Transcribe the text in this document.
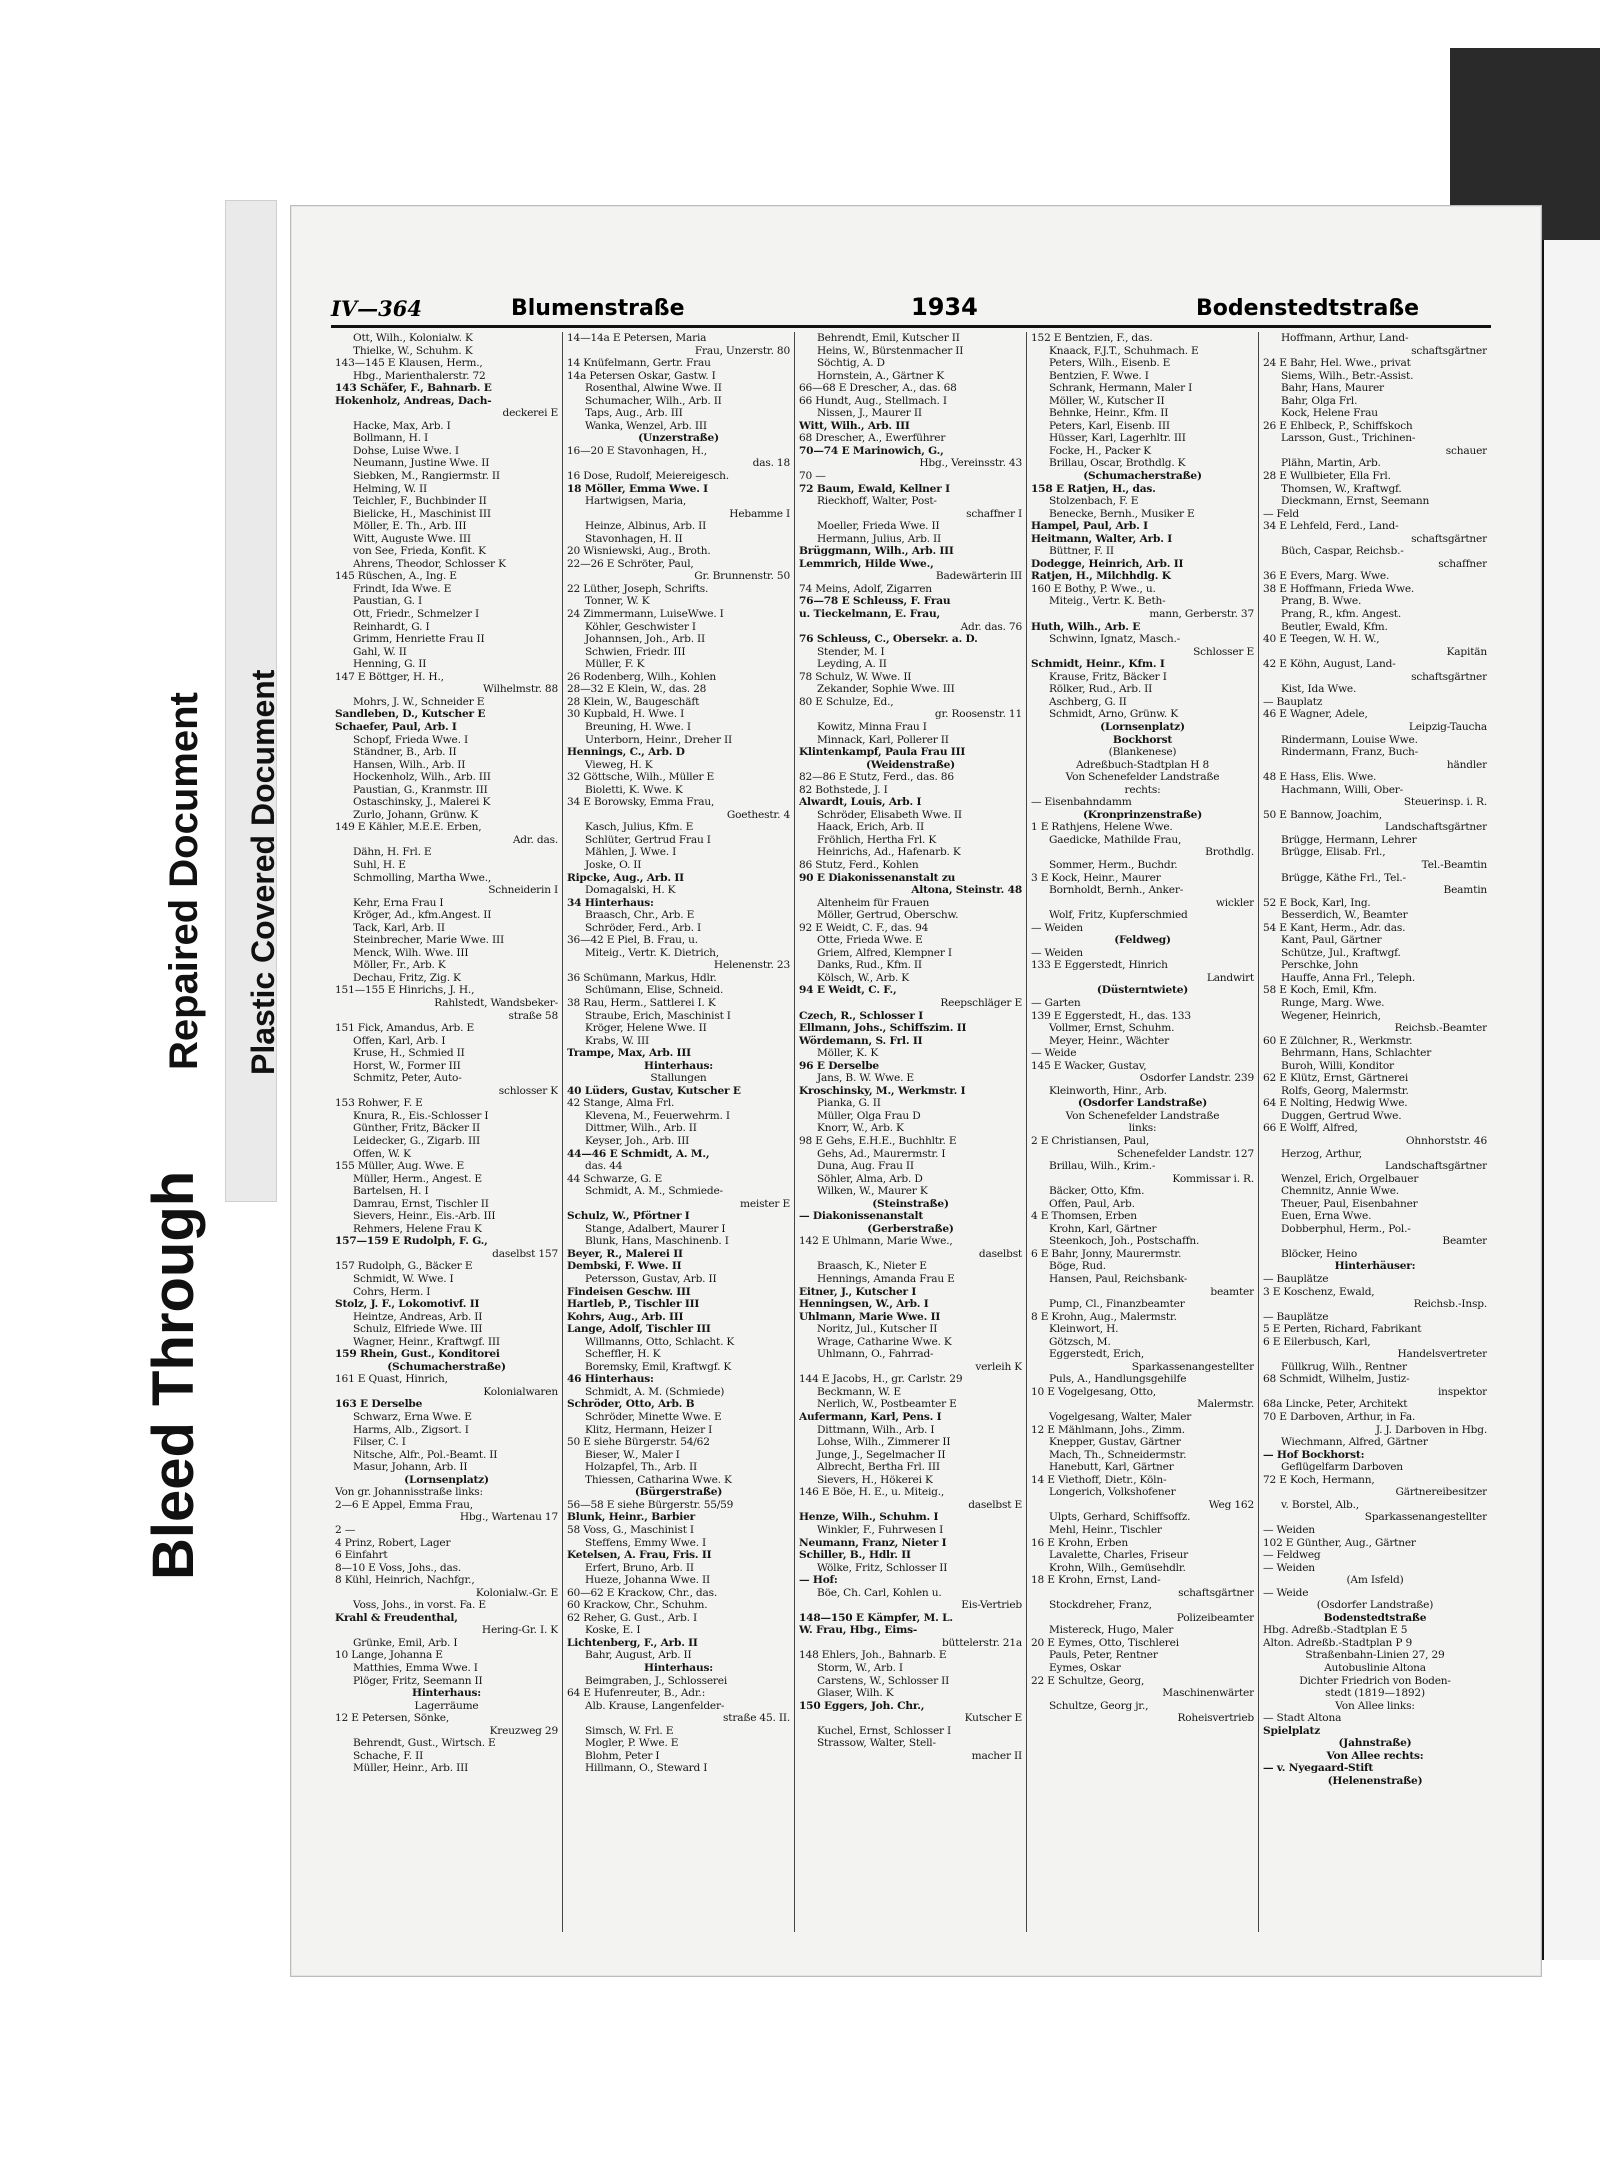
Bleed Through
Repaired Document Plastic Covered Document
IV—364	Blumenstraße	1934	Bodenstedtstraße
Ott, Wilh., Kolonialw. K
Thielke, W., Schuhm. K
143—145 E Klausen, Herm.,
Hbg., Marienthalerstr. 72
143 Schäfer, F., Bahnarb. E
Hokenholz, Andreas, Dach-
deckerei E
Hacke, Max, Arb. I
Bollmann, H. I
Dohse, Luise Wwe. I
Neumann, Justine Wwe. II
Siebken, M., Rangiermstr. II
Helming, W. II
Teichler, F., Buchbinder II
Bielicke, H., Maschinist III
Möller, E. Th., Arb. III
Witt, Auguste Wwe. III
von See, Frieda, Konfit. K
Ahrens, Theodor, Schlosser K
145 Rüschen, A., Ing. E
Frindt, Ida Wwe. E
Paustian, G. I
Ott, Friedr., Schmelzer I
Reinhardt, G. I
Grimm, Henriette Frau II
Gahl, W. II
Henning, G. II
147 E Böttger, H. H.,
Wilhelmstr. 88
Mohrs, J. W., Schneider E
Sandleben, D., Kutscher E
Schaefer, Paul, Arb. I
Schopf, Frieda Wwe. I
Ständner, B., Arb. II
Hansen, Wilh., Arb. II
Hockenholz, Wilh., Arb. III
Paustian, G., Kranmstr. III
Ostaschinsky, J., Malerei K
Zurlo, Johann, Grünw. K
149 E Kähler, M.E.E. Erben,
Adr. das.
Dähn, H. Frl. E
Suhl, H. E
Schmolling, Martha Wwe.,
Schneiderin I
Kehr, Erna Frau I
Kröger, Ad., kfm.Angest. II
Tack, Karl, Arb. II
Steinbrecher, Marie Wwe. III
Menck, Wilh. Wwe. III
Möller, Fr., Arb. K
Dechau, Fritz, Zig. K
151—155 E Hinrichs, J. H.,
Rahlstedt, Wandsbeker-
straße 58
151 Fick, Amandus, Arb. E
Offen, Karl, Arb. I
Kruse, H., Schmied II
Horst, W., Former III
Schmitz, Peter, Auto-
schlosser K
153 Rohwer, F. E
Knura, R., Eis.-Schlosser I
Günther, Fritz, Bäcker II
Leidecker, G., Zigarb. III
Offen, W. K
155 Müller, Aug. Wwe. E
Müller, Herm., Angest. E
Bartelsen, H. I
Damrau, Ernst, Tischler II
Sievers, Heinr., Eis.-Arb. III
Rehmers, Helene Frau K
157—159 E Rudolph, F. G.,
daselbst 157
157 Rudolph, G., Bäcker E
Schmidt, W. Wwe. I
Cohrs, Herm. I
Stolz, J. F., Lokomotivf. II
Heintze, Andreas, Arb. II
Schulz, Elfriede Wwe. III
Wagner, Heinr., Kraftwgf. III
159 Rhein, Gust., Konditorei
(Schumacherstraße)
161 E Quast, Hinrich,
Kolonialwaren
163 E Derselbe
Schwarz, Erna Wwe. E
Harms, Alb., Zigsort. I
Filser, C. I
Nitsche, Alfr., Pol.-Beamt. II
Masur, Johann, Arb. II
(Lornsenplatz)
Von gr. Johannisstraße links:
2—6 E Appel, Emma Frau,
Hbg., Wartenau 17
2 —
4 Prinz, Robert, Lager
6 Einfahrt
8—10 E Voss, Johs., das.
8 Kühl, Heinrich, Nachfgr.,
Kolonialw.-Gr. E
Voss, Johs., in vorst. Fa. E
Krahl & Freudenthal,
Hering-Gr. I. K
Grünke, Emil, Arb. I
10 Lange, Johanna E
Matthies, Emma Wwe. I
Plöger, Fritz, Seemann II
Hinterhaus:
Lagerräume
12 E Petersen, Sönke,
Kreuzweg 29
Behrendt, Gust., Wirtsch. E
Schache, F. II
Müller, Heinr., Arb. III
14—14a E Petersen, Maria
Frau, Unzerstr. 80
14 Knüfelmann, Gertr. Frau
14a Petersen Oskar, Gastw. I
Rosenthal, Alwine Wwe. II
Schumacher, Wilh., Arb. II
Taps, Aug., Arb. III
Wanka, Wenzel, Arb. III
(Unzerstraße)
16—20 E Stavonhagen, H.,
das. 18
16 Dose, Rudolf, Meiereigesch.
18 Möller, Emma Wwe. I
Hartwigsen, Maria,
Hebamme I
Heinze, Albinus, Arb. II
Stavonhagen, H. II
20 Wisniewski, Aug., Broth.
22—26 E Schröter, Paul,
Gr. Brunnenstr. 50
22 Lüther, Joseph, Schrifts.
Tonner, W. K
24 Zimmermann, LuiseWwe. I
Köhler, Geschwister I
Johannsen, Joh., Arb. II
Schwien, Friedr. III
Müller, F. K
26 Rodenberg, Wilh., Kohlen
28—32 E Klein, W., das. 28
28 Klein, W., Baugeschäft
30 Kupbald, H. Wwe. I
Breuning, H. Wwe. I
Unterborn, Heinr., Dreher II
Hennings, C., Arb. D
Vieweg, H. K
32 Göttsche, Wilh., Müller E
Bioletti, K. Wwe. K
34 E Borowsky, Emma Frau,
Goethestr. 4
Kasch, Julius, Kfm. E
Schlüter, Gertrud Frau I
Mählen, J. Wwe. I
Joske, O. II
Ripcke, Aug., Arb. II
Domagalski, H. K
34 Hinterhaus:
Braasch, Chr., Arb. E
Schröder, Ferd., Arb. I
36—42 E Piel, B. Frau, u.
Miteig., Vertr. K. Dietrich,
Helenenstr. 23
36 Schümann, Markus, Hdlr.
Schümann, Elise, Schneid.
38 Rau, Herm., Sattlerei I. K
Straube, Erich, Maschinist I
Kröger, Helene Wwe. II
Krabs, W. III
Trampe, Max, Arb. III
Hinterhaus:
Stallungen
40 Lüders, Gustav, Kutscher E
42 Stange, Alma Frl.
Klevena, M., Feuerwehrm. I
Dittmer, Wilh., Arb. II
Keyser, Joh., Arb. III
44—46 E Schmidt, A. M.,
das. 44
44 Schwarze, G. E
Schmidt, A. M., Schmiede-
meister E
Schulz, W., Pförtner I
Stange, Adalbert, Maurer I
Blunk, Hans, Maschinenb. I
Beyer, R., Malerei II
Dembski, F. Wwe. II
Petersson, Gustav, Arb. II
Findeisen Geschw. III
Hartleb, P., Tischler III
Kohrs, Aug., Arb. III
Lange, Adolf, Tischler III
Willmanns, Otto, Schlacht. K
Scheffler, H. K
Boremsky, Emil, Kraftwgf. K
46 Hinterhaus:
Schmidt, A. M. (Schmiede)
Schröder, Otto, Arb. B
Schröder, Minette Wwe. E
Klitz, Hermann, Heizer I
50 E siehe Bürgerstr. 54/62
Bieser, W., Maler I
Holzapfel, Th., Arb. II
Thiessen, Catharina Wwe. K
(Bürgerstraße)
56—58 E siehe Bürgerstr. 55/59
Blunk, Heinr., Barbier
58 Voss, G., Maschinist I
Steffens, Emmy Wwe. I
Ketelsen, A. Frau, Fris. II
Erfert, Bruno, Arb. II
Hueze, Johanna Wwe. II
60—62 E Krackow, Chr., das.
60 Krackow, Chr., Schuhm.
62 Reher, G. Gust., Arb. I
Koske, E. I
Lichtenberg, F., Arb. II
Bahr, August, Arb. II
Hinterhaus:
Beimgraben, J., Schlosserei
64 E Hufenreuter, B., Adr.:
Alb. Krause, Langenfelder-
straße 45. II.
Simsch, W. Frl. E
Mogler, P. Wwe. E
Blohm, Peter I
Hillmann, O., Steward I
Behrendt, Emil, Kutscher II
Heins, W., Bürstenmacher II
Söchtig, A. D
Hornstein, A., Gärtner K
66—68 E Drescher, A., das. 68
66 Hundt, Aug., Stellmach. I
Nissen, J., Maurer II
Witt, Wilh., Arb. III
68 Drescher, A., Ewerführer
70—74 E Marinowich, G.,
Hbg., Vereinsstr. 43
70 —
72 Baum, Ewald, Kellner I
Rieckhoff, Walter, Post-
schaffner I
Moeller, Frieda Wwe. II
Hermann, Julius, Arb. II
Brüggmann, Wilh., Arb. III
Lemmrich, Hilde Wwe.,
Badewärterin III
74 Meins, Adolf, Zigarren
76—78 E Schleuss, F. Frau
u. Tieckelmann, E. Frau,
Adr. das. 76
76 Schleuss, C., Obersekr. a. D.
Stender, M. I
Leyding, A. II
78 Schulz, W. Wwe. II
Zekander, Sophie Wwe. III
80 E Schulze, Ed.,
gr. Roosenstr. 11
Kowitz, Minna Frau I
Minnack, Karl, Pollerer II
Klintenkampf, Paula Frau III
(Weidenstraße)
82—86 E Stutz, Ferd., das. 86
82 Bothstede, J. I
Alwardt, Louis, Arb. I
Schröder, Elisabeth Wwe. II
Haack, Erich, Arb. II
Fröhlich, Hertha Frl. K
Heinrichs, Ad., Hafenarb. K
86 Stutz, Ferd., Kohlen
90 E Diakonissenanstalt zu
Altona, Steinstr. 48
Altenheim für Frauen
Möller, Gertrud, Oberschw.
92 E Weidt, C. F., das. 94
Otte, Frieda Wwe. E
Griem, Alfred, Klempner I
Danks, Rud., Kfm. II
Kölsch, W., Arb. K
94 E Weidt, C. F.,
Reepschläger E
Czech, R., Schlosser I
Ellmann, Johs., Schiffszim. II
Wördemann, S. Frl. II
Möller, K. K
96 E Derselbe
Jans, B. W. Wwe. E
Kroschinsky, M., Werkmstr. I
Pianka, G. II
Müller, Olga Frau D
Knorr, W., Arb. K
98 E Gehs, E.H.E., Buchhltr. E
Gehs, Ad., Maurermstr. I
Duna, Aug. Frau II
Söhler, Alma, Arb. D
Wilken, W., Maurer K
(Steinstraße)
— Diakonissenanstalt
(Gerberstraße)
142 E Uhlmann, Marie Wwe.,
daselbst
Braasch, K., Nieter E
Hennings, Amanda Frau E
Eitner, J., Kutscher I
Henningsen, W., Arb. I
Uhlmann, Marie Wwe. II
Noritz, Jul., Kutscher II
Wrage, Catharine Wwe. K
Uhlmann, O., Fahrrad-
verleih K
144 E Jacobs, H., gr. Carlstr. 29
Beckmann, W. E
Nerlich, W., Postbeamter E
Aufermann, Karl, Pens. I
Dittmann, Wilh., Arb. I
Lohse, Wilh., Zimmerer II
Junge, J., Segelmacher II
Albrecht, Bertha Frl. III
Sievers, H., Hökerei K
146 E Böe, H. E., u. Miteig.,
daselbst E
Henze, Wilh., Schuhm. I
Winkler, F., Fuhrwesen I
Neumann, Franz, Nieter I
Schiller, B., Hdlr. II
Wölke, Fritz, Schlosser II
— Hof:
Böe, Ch. Carl, Kohlen u.
Eis-Vertrieb
148—150 E Kämpfer, M. L.
W. Frau, Hbg., Eims-
büttelerstr. 21a
148 Ehlers, Joh., Bahnarb. E
Storm, W., Arb. I
Carstens, W., Schlosser II
Glaser, Wilh. K
150 Eggers, Joh. Chr.,
Kutscher E
Kuchel, Ernst, Schlosser I
Strassow, Walter, Stell-
macher II
152 E Bentzien, F., das.
Knaack, F.J.T., Schuhmach. E
Peters, Wilh., Eisenb. E
Bentzien, F. Wwe. I
Schrank, Hermann, Maler I
Möller, W., Kutscher II
Behnke, Heinr., Kfm. II
Peters, Karl, Eisenb. III
Hüsser, Karl, Lagerhltr. III
Focke, H., Packer K
Brillau, Oscar, Brothdlg. K
(Schumacherstraße)
158 E Ratjen, H., das.
Stolzenbach, F. E
Benecke, Bernh., Musiker E
Hampel, Paul, Arb. I
Heitmann, Walter, Arb. I
Büttner, F. II
Dodegge, Heinrich, Arb. II
Ratjen, H., Milchhdlg. K
160 E Bothy, P. Wwe., u.
Miteig., Vertr. K. Beth-
mann, Gerberstr. 37
Huth, Wilh., Arb. E
Schwinn, Ignatz, Masch.-
Schlosser E
Schmidt, Heinr., Kfm. I
Krause, Fritz, Bäcker I
Rölker, Rud., Arb. II
Aschberg, G. II
Schmidt, Arno, Grünw. K
(Lornsenplatz)
Bockhorst
(Blankenese)
Adreßbuch-Stadtplan H 8
Von Schenefelder Landstraße
rechts:
— Eisenbahndamm
(Kronprinzenstraße)
1 E Rathjens, Helene Wwe.
Gaedicke, Mathilde Frau,
Brothdlg.
Sommer, Herm., Buchdr.
3 E Kock, Heinr., Maurer
Bornholdt, Bernh., Anker-
wickler
Wolf, Fritz, Kupferschmied
— Weiden
(Feldweg)
— Weiden
133 E Eggerstedt, Hinrich
Landwirt
(Düsterntwiete)
— Garten
139 E Eggerstedt, H., das. 133
Vollmer, Ernst, Schuhm.
Meyer, Heinr., Wächter
— Weide
145 E Wacker, Gustav,
Osdorfer Landstr. 239
Kleinworth, Hinr., Arb.
(Osdorfer Landstraße)
Von Schenefelder Landstraße
links:
2 E Christiansen, Paul,
Schenefelder Landstr. 127
Brillau, Wilh., Krim.-
Kommissar i. R.
Bäcker, Otto, Kfm.
Offen, Paul, Arb.
4 E Thomsen, Erben
Krohn, Karl, Gärtner
Steenkoch, Joh., Postschaffn.
6 E Bahr, Jonny, Maurermstr.
Böge, Rud.
Hansen, Paul, Reichsbank-
beamter
Pump, Cl., Finanzbeamter
8 E Krohn, Aug., Malermstr.
Kleinwort, H.
Götzsch, M.
Eggerstedt, Erich,
Sparkassenangestellter
Puls, A., Handlungsgehilfe
10 E Vogelgesang, Otto,
Malermstr.
Vogelgesang, Walter, Maler
12 E Mählmann, Johs., Zimm.
Knepper, Gustav, Gärtner
Mach, Th., Schneidermstr.
Hanebutt, Karl, Gärtner
14 E Viethoff, Dietr., Köln-
Longerich, Volkshofener
Weg 162
Ulpts, Gerhard, Schiffsoffz.
Mehl, Heinr., Tischler
16 E Krohn, Erben
Lavalette, Charles, Friseur
Krohn, Wilh., Gemüsehdlr.
18 E Krohn, Ernst, Land-
schaftsgärtner
Stockdreher, Franz,
Polizeibeamter
Mistereck, Hugo, Maler
20 E Eymes, Otto, Tischlerei
Pauls, Peter, Rentner
Eymes, Oskar
22 E Schultze, Georg,
Maschinenwärter
Schultze, Georg jr.,
Roheisvertrieb
Hoffmann, Arthur, Land-
schaftsgärtner
24 E Bahr, Hel. Wwe., privat
Siems, Wilh., Betr.-Assist.
Bahr, Hans, Maurer
Bahr, Olga Frl.
Kock, Helene Frau
26 E Ehlbeck, P., Schiffskoch
Larsson, Gust., Trichinen-
schauer
Plähn, Martin, Arb.
28 E Wullbieter, Ella Frl.
Thomsen, W., Kraftwgf.
Dieckmann, Ernst, Seemann
— Feld
34 E Lehfeld, Ferd., Land-
schaftsgärtner
Büch, Caspar, Reichsb.-
schaffner
36 E Evers, Marg. Wwe.
38 E Hoffmann, Frieda Wwe.
Prang, B. Wwe.
Prang, R., kfm. Angest.
Beutler, Ewald, Kfm.
40 E Teegen, W. H. W.,
Kapitän
42 E Köhn, August, Land-
schaftsgärtner
Kist, Ida Wwe.
— Bauplatz
46 E Wagner, Adele,
Leipzig-Taucha
Rindermann, Louise Wwe.
Rindermann, Franz, Buch-
händler
48 E Hass, Elis. Wwe.
Hachmann, Willi, Ober-
Steuerinsp. i. R.
50 E Bannow, Joachim,
Landschaftsgärtner
Brügge, Hermann, Lehrer
Brügge, Elisab. Frl.,
Tel.-Beamtin
Brügge, Käthe Frl., Tel.-
Beamtin
52 E Bock, Karl, Ing.
Besserdich, W., Beamter
54 E Kant, Herm., Adr. das.
Kant, Paul, Gärtner
Schütze, Jul., Kraftwgf.
Perschke, John
Hauffe, Anna Frl., Teleph.
58 E Koch, Emil, Kfm.
Runge, Marg. Wwe.
Wegener, Heinrich,
Reichsb.-Beamter
60 E Zülchner, R., Werkmstr.
Behrmann, Hans, Schlachter
Buroh, Willi, Konditor
62 E Klütz, Ernst, Gärtnerei
Rolfs, Georg, Malermstr.
64 E Nolting, Hedwig Wwe.
Duggen, Gertrud Wwe.
66 E Wolff, Alfred,
Ohnhorststr. 46
Herzog, Arthur,
Landschaftsgärtner
Wenzel, Erich, Orgelbauer
Chemnitz, Annie Wwe.
Theuer, Paul, Eisenbahner
Euen, Erna Wwe.
Dobberphul, Herm., Pol.-
Beamter
Blöcker, Heino
Hinterhäuser:
— Bauplätze
3 E Koschenz, Ewald,
Reichsb.-Insp.
— Bauplätze
5 E Perten, Richard, Fabrikant
6 E Eilerbusch, Karl,
Handelsvertreter
Füllkrug, Wilh., Rentner
68 Schmidt, Wilhelm, Justiz-
inspektor
68a Lincke, Peter, Architekt
70 E Darboven, Arthur, in Fa.
J. J. Darboven in Hbg.
Wiechmann, Alfred, Gärtner
— Hof Bockhorst:
Geflügelfarm Darboven
72 E Koch, Hermann,
Gärtnereibesitzer
v. Borstel, Alb.,
Sparkassenangestellter
— Weiden
102 E Günther, Aug., Gärtner
— Feldweg
— Weiden
(Am Isfeld)
— Weide
(Osdorfer Landstraße)
Bodenstedtstraße
Hbg. Adreßb.-Stadtplan E 5
Alton. Adreßb.-Stadtplan P 9
Straßenbahn-Linien 27, 29
Autobuslinie Altona
Dichter Friedrich von Boden-
stedt (1819—1892)
Von Allee links:
— Stadt Altona
Spielplatz
(Jahnstraße)
Von Allee rechts:
— v. Nyegaard-Stift
(Helenenstraße)
